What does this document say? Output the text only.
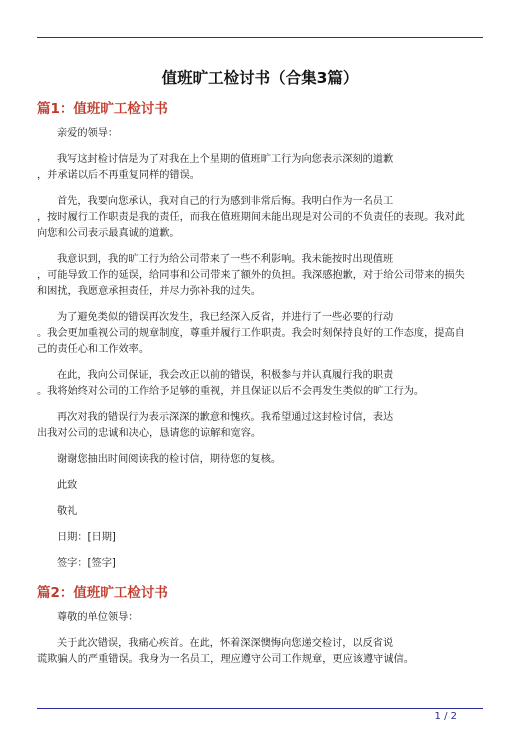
值班旷工检讨书（合集3篇）
篇1：值班旷工检讨书
亲爱的领导：
我写这封检讨信是为了对我在上个星期的值班旷工行为向您表示深刻的道歉
，并承诺以后不再重复同样的错误。
首先，我要向您承认，我对自己的行为感到非常后悔。我明白作为一名员工
，按时履行工作职责是我的责任，而我在值班期间未能出现是对公司的不负责任的表现。我对此
向您和公司表示最真诚的道歉。
我意识到，我的旷工行为给公司带来了一些不利影响。我未能按时出现值班
，可能导致工作的延误，给同事和公司带来了额外的负担。我深感抱歉，对于给公司带来的损失
和困扰，我愿意承担责任，并尽力弥补我的过失。
为了避免类似的错误再次发生，我已经深入反省，并进行了一些必要的行动
。我会更加重视公司的规章制度，尊重并履行工作职责。我会时刻保持良好的工作态度，提高自
己的责任心和工作效率。
在此，我向公司保证，我会改正以前的错误，积极参与并认真履行我的职责
。我将始终对公司的工作给予足够的重视，并且保证以后不会再发生类似的旷工行为。
再次对我的错误行为表示深深的歉意和愧疚。我希望通过这封检讨信，表达
出我对公司的忠诚和决心，恳请您的谅解和宽容。
谢谢您抽出时间阅读我的检讨信，期待您的复核。
此致
敬礼
日期：[日期]
签字：[签字]
篇2：值班旷工检讨书
尊敬的单位领导：
关于此次错误，我痛心疾首。在此，怀着深深懊悔向您递交检讨，以反省说
谎欺骗人的严重错误。我身为一名员工，理应遵守公司工作规章，更应该遵守诚信。
1 / 2
